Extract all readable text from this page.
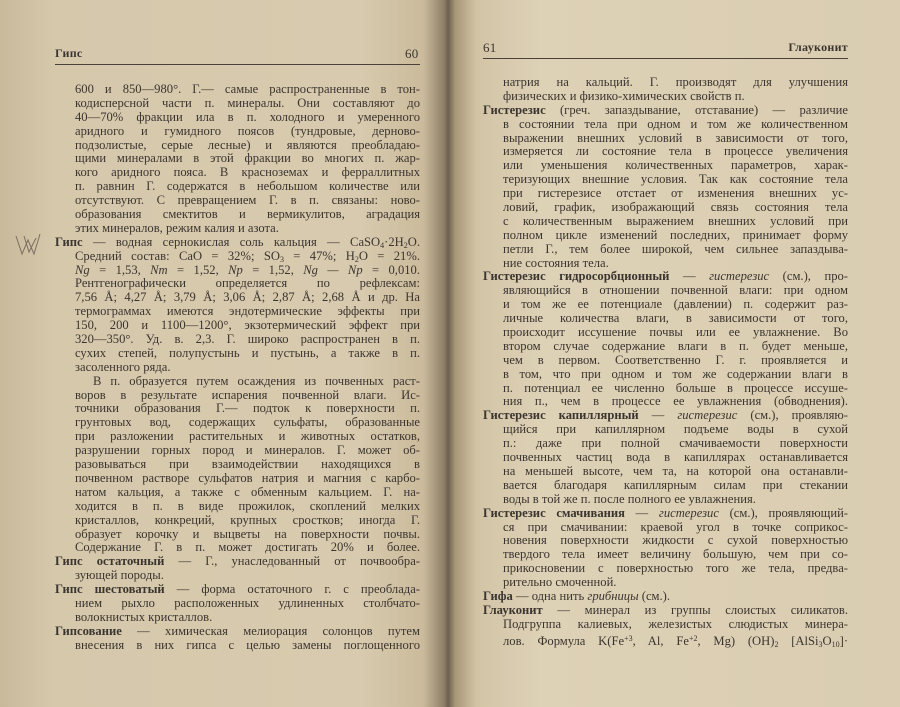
Гипс	60
600 и 850—980°. Г.— самые распространенные в тон-
кодисперсной части п. минералы. Они составляют до
40—70% фракции ила в п. холодного и умеренного
аридного и гумидного поясов (тундровые, дерново-
подзолистые, серые лесные) и являются преобладаю-
щими минералами в этой фракции во многих п. жар-
кого аридного пояса. В красноземах и ферраллитных
п. равнин Г. содержатся в небольшом количестве или
отсутствуют. С превращением Г. в п. связаны: ново-
образования смектитов и вермикулитов, аградация
этих минералов, режим калия и азота.
Гипс — водная сернокислая соль кальция — $CaSO_4\cdot 2H_2O$.
Средний состав: CaO = 32%; $SO_3 = 47\%$; $H_2O = 21\%$.
Ng = 1,53, Nm = 1,52, Np = 1,52, Ng — Np = 0,010.
Рентгенографически определяется по рефлексам:
7,56 Å; 4,27 Å; 3,79 Å; 3,06 Å; 2,87 Å; 2,68 Å и др. На
термограммах имеются эндотермические эффекты при
150, 200 и 1100—1200°, экзотермический эффект при
320—350°. Уд. в. 2,3. Г. широко распространен в п.
сухих степей, полупустынь и пустынь, а также в п.
засоленного ряда.
В п. образуется путем осаждения из почвенных раст-
воров в результате испарения почвенной влаги. Ис-
точники образования Г.— подток к поверхности п.
грунтовых вод, содержащих сульфаты, образованные
при разложении растительных и животных остатков,
разрушении горных пород и минералов. Г. может об-
разовываться при взаимодействии находящихся в
почвенном растворе сульфатов натрия и магния с карбо-
натом кальция, а также с обменным кальцием. Г. на-
ходится в п. в виде прожилок, скоплений мелких
кристаллов, конкреций, крупных сростков; иногда Г.
образует корочку и выцветы на поверхности почвы.
Содержание Г. в п. может достигать 20% и более.
Гипс остаточный — Г., унаследованный от почвообра-
зующей породы.
Гипс шестоватый — форма остаточного г. с преоблада-
нием рыхло расположенных удлиненных столбчато-
волокнистых кристаллов.
Гипсование — химическая мелиорация солонцов путем
внесения в них гипса с целью замены поглощенного
61	Глауконит
натрия на кальций. Г. производят для улучшения
физических и физико-химических свойств п.
Гистерезис (греч. запаздывание, отставание) — различие
в состоянии тела при одном и том же количественном
выражении внешних условий в зависимости от того,
измеряется ли состояние тела в процессе увеличения
или уменьшения количественных параметров, харак-
теризующих внешние условия. Так как состояние тела
при гистерезисе отстает от изменения внешних ус-
ловий, график, изображающий связь состояния тела
с количественным выражением внешних условий при
полном цикле изменений последних, принимает форму
петли Г., тем более широкой, чем сильнее запаздыва-
ние состояния тела.
Гистерезис гидросорбционный — гистерезис (см.), про-
являющийся в отношении почвенной влаги: при одном
и том же ее потенциале (давлении) п. содержит раз-
личные количества влаги, в зависимости от того,
происходит иссушение почвы или ее увлажнение. Во
втором случае содержание влаги в п. будет меньше,
чем в первом. Соответственно Г. г. проявляется и
в том, что при одном и том же содержании влаги в
п. потенциал ее численно больше в процессе иссуше-
ния п., чем в процессе ее увлажнения (обводнения).
Гистерезис капиллярный — гистерезис (см.), проявляю-
щийся при капиллярном подъеме воды в сухой
п.: даже при полной смачиваемости поверхности
почвенных частиц вода в капиллярах останавливается
на меньшей высоте, чем та, на которой она останавли-
вается благодаря капиллярным силам при стекании
воды в той же п. после полного ее увлажнения.
Гистерезис смачивания — гистерезис (см.), проявляющий-
ся при смачивании: краевой угол в точке соприкос-
новения поверхности жидкости с сухой поверхностью
твердого тела имеет величину большую, чем при со-
прикосновении с поверхностью того же тела, предва-
рительно смоченной.
Гифа — одна нить грибницы (см.).
Глауконит — минерал из группы слоистых силикатов.
Подгруппа калиевых, железистых слюдистых минера-
лов. Формула $K(Fe^{+3}$, Al, $Fe^{+2}$, Mg) $(OH)_2$ $[AlSi_3O_{10}]\cdot$
